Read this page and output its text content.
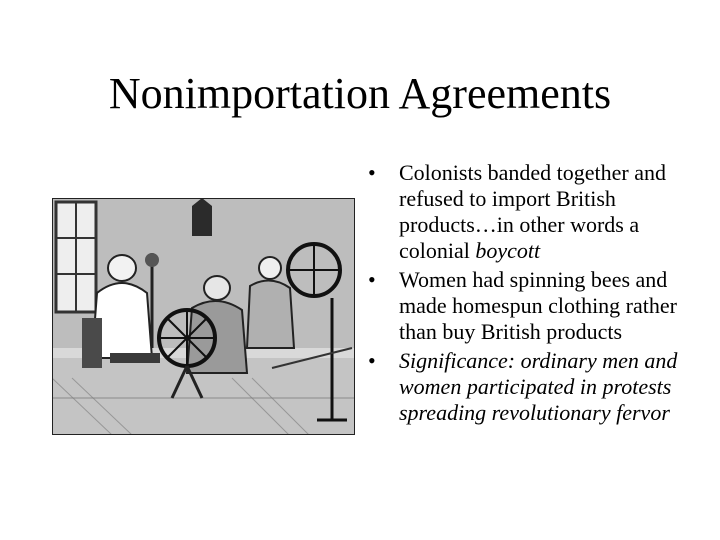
Nonimportation Agreements
• Colonists banded together and refused to import British products…in other words a colonial boycott
• Women had spinning bees and made homespun clothing rather than buy British products
• Significance: ordinary men and women participated in protests spreading revolutionary fervor
